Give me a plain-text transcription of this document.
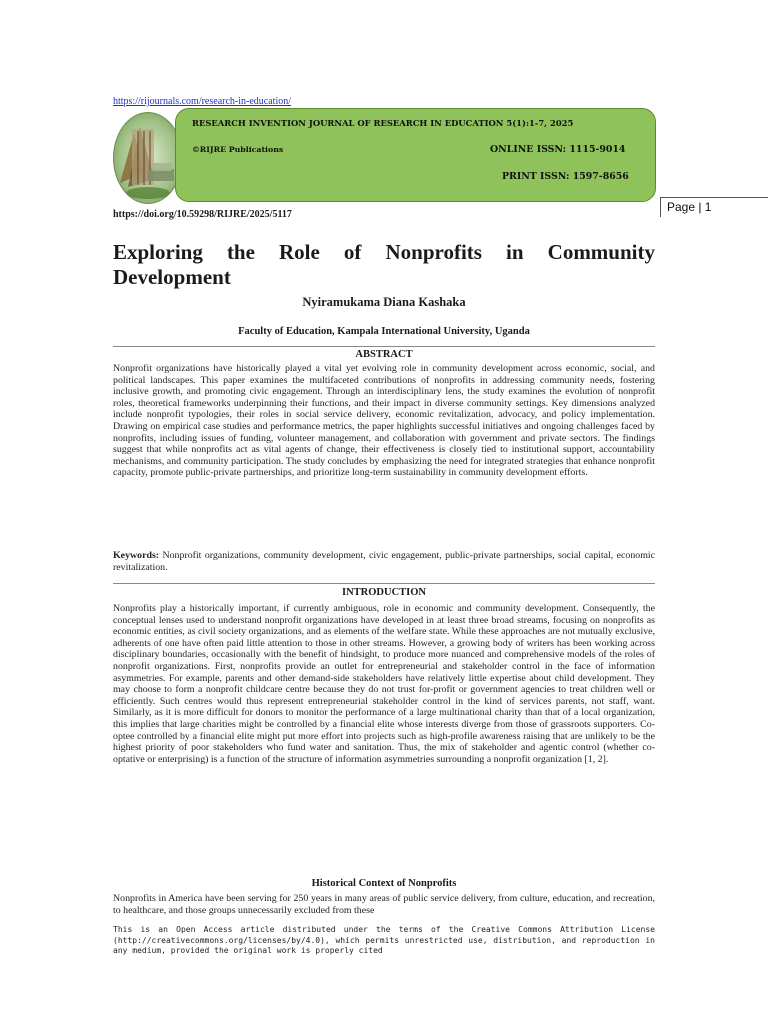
https://rijournals.com/research-in-education/
RESEARCH INVENTION JOURNAL OF RESEARCH IN EDUCATION 5(1):1-7, 2025
©RIJRE Publications	ONLINE ISSN: 1115-9014
PRINT ISSN: 1597-8656
https://doi.org/10.59298/RIJRE/2025/5117
Page | 1
Exploring the Role of Nonprofits in Community Development
Nyiramukama Diana Kashaka
Faculty of Education, Kampala International University, Uganda
ABSTRACT
Nonprofit organizations have historically played a vital yet evolving role in community development across economic, social, and political landscapes. This paper examines the multifaceted contributions of nonprofits in addressing community needs, fostering inclusive growth, and promoting civic engagement. Through an interdisciplinary lens, the study examines the evolution of nonprofit roles, theoretical frameworks underpinning their functions, and their impact in diverse community settings. Key dimensions analyzed include nonprofit typologies, their roles in social service delivery, economic revitalization, advocacy, and policy implementation. Drawing on empirical case studies and performance metrics, the paper highlights successful initiatives and ongoing challenges faced by nonprofits, including issues of funding, volunteer management, and collaboration with government and private sectors. The findings suggest that while nonprofits act as vital agents of change, their effectiveness is closely tied to institutional support, accountability mechanisms, and community participation. The study concludes by emphasizing the need for integrated strategies that enhance nonprofit capacity, promote public-private partnerships, and prioritize long-term sustainability in community development efforts.
Keywords: Nonprofit organizations, community development, civic engagement, public-private partnerships, social capital, economic revitalization.
INTRODUCTION
Nonprofits play a historically important, if currently ambiguous, role in economic and community development. Consequently, the conceptual lenses used to understand nonprofit organizations have developed in at least three broad streams, focusing on nonprofits as economic entities, as civil society organizations, and as elements of the welfare state. While these approaches are not mutually exclusive, adherents of one have often paid little attention to those in other streams. However, a growing body of writers has been working across disciplinary boundaries, occasionally with the benefit of hindsight, to produce more nuanced and comprehensive models of the roles of nonprofit organizations. First, nonprofits provide an outlet for entrepreneurial and stakeholder control in the face of information asymmetries. For example, parents and other demand-side stakeholders have relatively little expertise about child development. They may choose to form a nonprofit childcare centre because they do not trust for-profit or government agencies to treat children well or efficiently. Such centres would thus represent entrepreneurial stakeholder control in the kind of services parents, not staff, want. Similarly, as it is more difficult for donors to monitor the performance of a large multinational charity than that of a local organization, this implies that large charities might be controlled by a financial elite whose interests diverge from those of grassroots supporters. Co-optee controlled by a financial elite might put more effort into projects such as high-profile awareness raising that are unlikely to be the highest priority of poor stakeholders who fund water and sanitation. Thus, the mix of stakeholder and agentic control (whether co-optative or enterprising) is a function of the structure of information asymmetries surrounding a nonprofit organization [1, 2].
Historical Context of Nonprofits
Nonprofits in America have been serving for 250 years in many areas of public service delivery, from culture, education, and recreation, to healthcare, and those groups unnecessarily excluded from these
This is an Open Access article distributed under the terms of the Creative Commons Attribution License (http://creativecommons.org/licenses/by/4.0), which permits unrestricted use, distribution, and reproduction in any medium, provided the original work is properly cited
